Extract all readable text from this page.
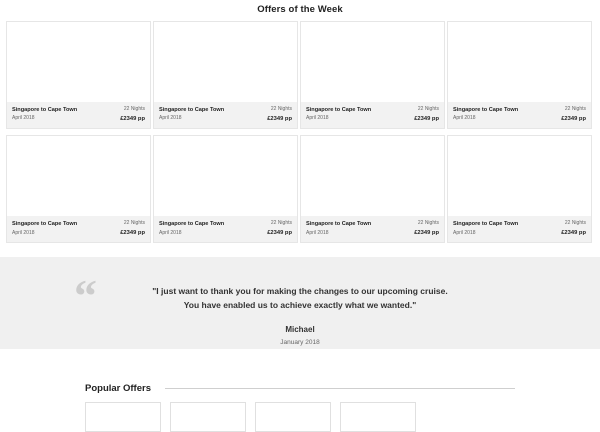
Offers of the Week
Singapore to Cape Town
April 2018
22 Nights
£2349 pp
Singapore to Cape Town
April 2018
22 Nights
£2349 pp
Singapore to Cape Town
April 2018
22 Nights
£2349 pp
Singapore to Cape Town
April 2018
22 Nights
£2349 pp
Singapore to Cape Town
April 2018
22 Nights
£2349 pp
Singapore to Cape Town
April 2018
22 Nights
£2349 pp
Singapore to Cape Town
April 2018
22 Nights
£2349 pp
Singapore to Cape Town
April 2018
22 Nights
£2349 pp
“	"I just want to thank you for making the changes to our upcoming cruise.
You have enabled us to achieve exactly what we wanted."
Michael
January 2018
Popular Offers
